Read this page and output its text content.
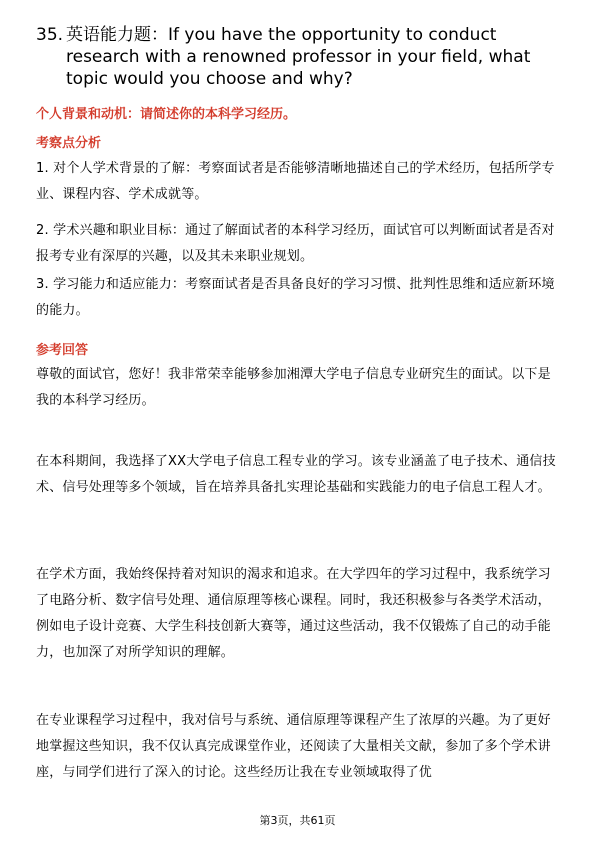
35. 英语能力题：If you have the opportunity to conduct research with a renowned professor in your field, what topic would you choose and why?
个人背景和动机：请简述你的本科学习经历。
考察点分析
1. 对个人学术背景的了解：考察面试者是否能够清晰地描述自己的学术经历，包括所学专业、课程内容、学术成就等。
2. 学术兴趣和职业目标：通过了解面试者的本科学习经历，面试官可以判断面试者是否对报考专业有深厚的兴趣，以及其未来职业规划。
3. 学习能力和适应能力：考察面试者是否具备良好的学习习惯、批判性思维和适应新环境的能力。
参考回答
尊敬的面试官，您好！我非常荣幸能够参加湘潭大学电子信息专业研究生的面试。以下是我的本科学习经历。
在本科期间，我选择了XX大学电子信息工程专业的学习。该专业涵盖了电子技术、通信技术、信号处理等多个领域，旨在培养具备扎实理论基础和实践能力的电子信息工程人才。
在学术方面，我始终保持着对知识的渴求和追求。在大学四年的学习过程中，我系统学习了电路分析、数字信号处理、通信原理等核心课程。同时，我还积极参与各类学术活动，例如电子设计竞赛、大学生科技创新大赛等，通过这些活动，我不仅锻炼了自己的动手能力，也加深了对所学知识的理解。
在专业课程学习过程中，我对信号与系统、通信原理等课程产生了浓厚的兴趣。为了更好地掌握这些知识，我不仅认真完成课堂作业，还阅读了大量相关文献，参加了多个学术讲座，与同学们进行了深入的讨论。这些经历让我在专业领域取得了优
第3页，共61页
